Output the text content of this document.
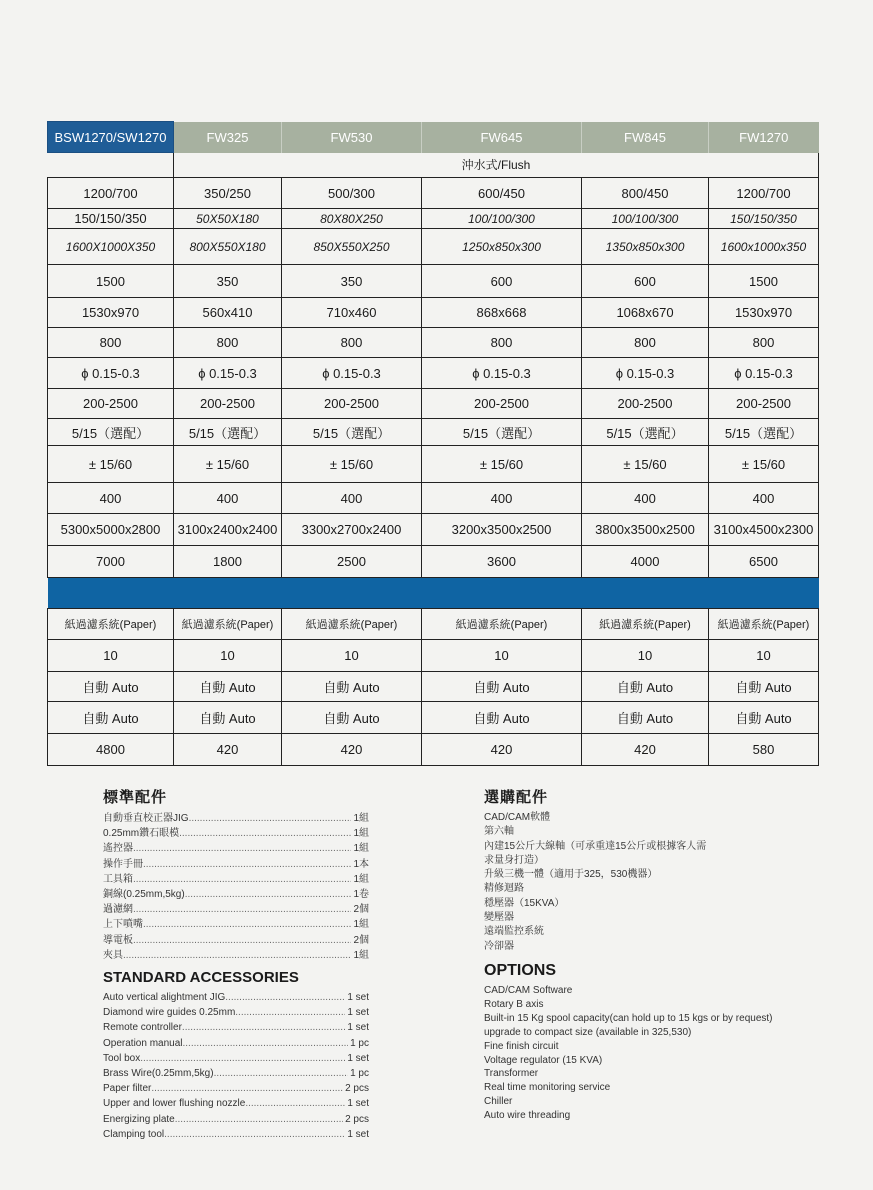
BSW1270/SW1270	FW325	FW530	FW645	FW845	FW1270
	沖水式/Flush				
1200/700	350/250	500/300	600/450	800/450	1200/700
150/150/350	50X50X180	80X80X250	100/100/300	100/100/300	150/150/350
1600X1000X350	800X550X180	850X550X250	1250x850x300	1350x850x300	1600x1000x350
1500	350	350	600	600	1500
1530x970	560x410	710x460	868x668	1068x670	1530x970
800	800	800	800	800	800
ϕ 0.15-0.3	ϕ 0.15-0.3	ϕ 0.15-0.3	ϕ 0.15-0.3	ϕ 0.15-0.3	ϕ 0.15-0.3
200-2500	200-2500	200-2500	200-2500	200-2500	200-2500
5/15（選配）	5/15（選配）	5/15（選配）	5/15（選配）	5/15（選配）	5/15（選配）
± 15/60	± 15/60	± 15/60	± 15/60	± 15/60	± 15/60
400	400	400	400	400	400
5300x5000x2800	3100x2400x2400	3300x2700x2400	3200x3500x2500	3800x3500x2500	3100x4500x2300
7000	1800	2500	3600	4000	6500

紙過濾系統(Paper)	紙過濾系統(Paper)	紙過濾系統(Paper)	紙過濾系統(Paper)	紙過濾系統(Paper)	紙過濾系統(Paper)
10	10	10	10	10	10
自動 Auto	自動 Auto	自動 Auto	自動 Auto	自動 Auto	自動 Auto
自動 Auto	自動 Auto	自動 Auto	自動 Auto	自動 Auto	自動 Auto
4800	420	420	420	420	580
標準配件
自動垂直校正器JIG .....	1組
0.25mm鑽石眼模 .....	1組
遙控器 .....	1組
操作手冊 .....	1本
工具箱 .....	1組
銅線(0.25mm,5kg) .....	1卷
過濾網 .....	2個
上下噴嘴 .....	1組
導電板 .....	2個
夾具 .....	1組
STANDARD ACCESSORIES
Auto vertical alightment JIG .....	1 set
Diamond wire guides 0.25mm .....	1 set
Remote controller .....	1 set
Operation manual .....	1 pc
Tool box .....	1 set
Brass Wire(0.25mm,5kg) .....	1 pc
Paper filter .....	2 pcs
Upper and lower flushing nozzle .....	1 set
Energizing plate .....	2 pcs
Clamping tool .....	1 set
選購配件
CAD/CAM軟體
第六軸
內建15公斤大線軸（可承重達15公斤或根據客人需
求量身打造）
升級三機一體（適用于325，530機器）
精修迴路
穩壓器（15KVA）
變壓器
遠端監控系統
冷卻器
OPTIONS
CAD/CAM Software
Rotary B axis
Built-in 15 Kg spool capacity(can hold up to 15 kgs or by request)
upgrade to compact size (available in 325,530)
Fine finish circuit
Voltage regulator (15 KVA)
Transformer
Real time monitoring service
Chiller
Auto wire threading
